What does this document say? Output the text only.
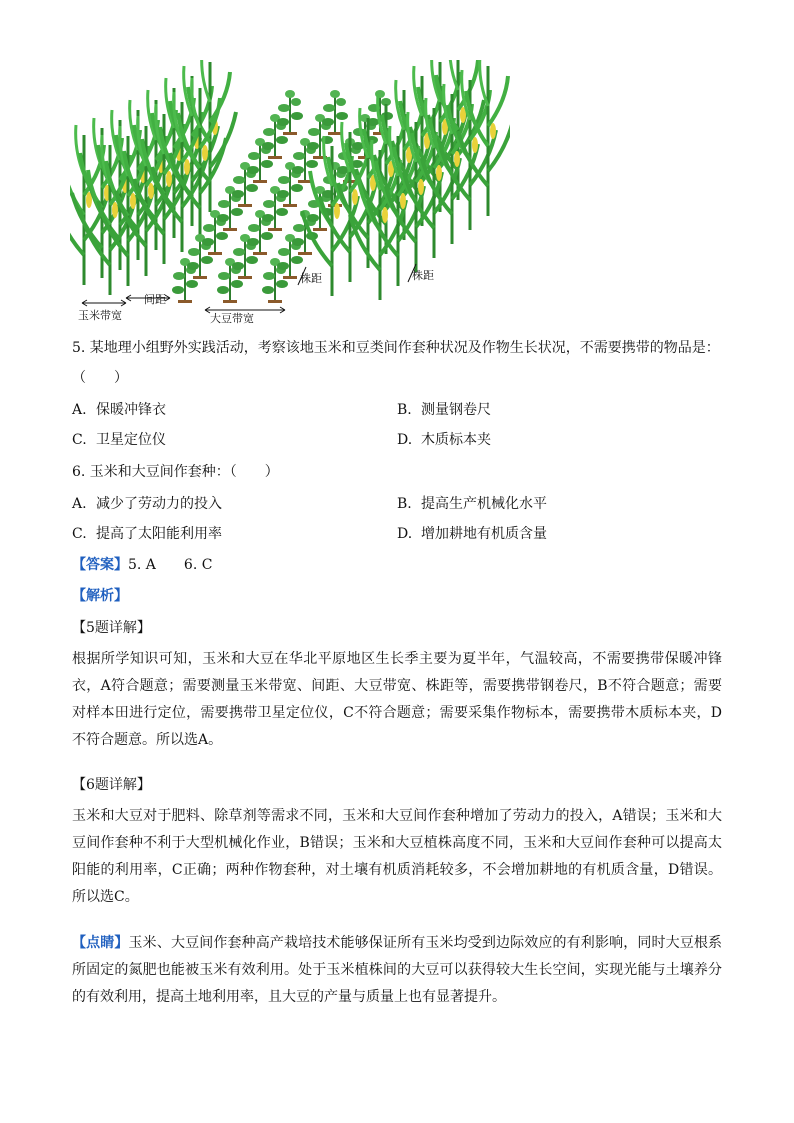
玉米带宽
间距
大豆带宽
株距	株距
5. 某地理小组野外实践活动，考察该地玉米和豆类间作套种状况及作物生长状况，不需要携带的物品是：
（　　）
A. 保暖冲锋衣	B. 测量钢卷尺
C. 卫星定位仪	D. 木质标本夹
6. 玉米和大豆间作套种：（　　）
A. 减少了劳动力的投入	B. 提高生产机械化水平
C. 提高了太阳能利用率	D. 增加耕地有机质含量
【答案】5. A　　6. C
【解析】
【5题详解】
根据所学知识可知，玉米和大豆在华北平原地区生长季主要为夏半年，气温较高，不需要携带保暖冲锋衣，A符合题意；需要测量玉米带宽、间距、大豆带宽、株距等，需要携带钢卷尺，B不符合题意；需要对样本田进行定位，需要携带卫星定位仪，C不符合题意；需要采集作物标本，需要携带木质标本夹，D不符合题意。所以选A。
【6题详解】
玉米和大豆对于肥料、除草剂等需求不同，玉米和大豆间作套种增加了劳动力的投入，A错误；玉米和大豆间作套种不利于大型机械化作业，B错误；玉米和大豆植株高度不同，玉米和大豆间作套种可以提高太阳能的利用率，C正确；两种作物套种，对土壤有机质消耗较多，不会增加耕地的有机质含量，D错误。所以选C。
【点睛】玉米、大豆间作套种高产栽培技术能够保证所有玉米均受到边际效应的有利影响，同时大豆根系所固定的氮肥也能被玉米有效利用。处于玉米植株间的大豆可以获得较大生长空间，实现光能与土壤养分的有效利用，提高土地利用率，且大豆的产量与质量上也有显著提升。
